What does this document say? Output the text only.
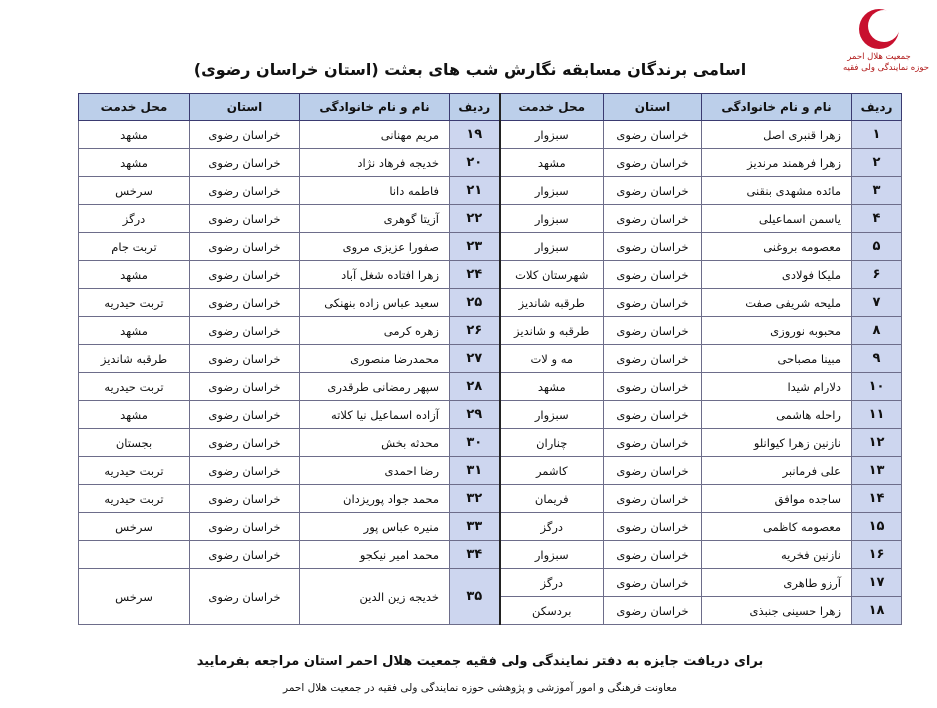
جمعیت هلال احمر
حوزه نمایندگی ولی فقیه
اسامی برندگان مسابقه نگارش شب های بعثت (استان خراسان رضوی)
ردیف	نام و نام خانوادگی	استان	محل خدمت	ردیف	نام و نام خانوادگی	استان	محل خدمت
۱	زهرا قنبری اصل	خراسان رضوی	سبزوار	۱۹	مریم مهنانی	خراسان رضوی	مشهد
۲	زهرا فرهمند مرندیز	خراسان رضوی	مشهد	۲۰	خدیجه فرهاد نژاد	خراسان رضوی	مشهد
۳	مائده مشهدی بنقنی	خراسان رضوی	سبزوار	۲۱	فاطمه دانا	خراسان رضوی	سرخس
۴	یاسمن اسماعیلی	خراسان رضوی	سبزوار	۲۲	آزیتا گوهری	خراسان رضوی	درگز
۵	معصومه بروغنی	خراسان رضوی	سبزوار	۲۳	صفورا عزیزی مروی	خراسان رضوی	تربت جام
۶	ملیکا فولادی	خراسان رضوی	شهرستان کلات	۲۴	زهرا افتاده شغل آباد	خراسان رضوی	مشهد
۷	ملیحه شریفی صفت	خراسان رضوی	طرقبه شاندیز	۲۵	سعید عباس زاده بنهنکی	خراسان رضوی	تربت حیدریه
۸	محبوبه نوروزی	خراسان رضوی	طرقبه و شاندیز	۲۶	زهره کرمی	خراسان رضوی	مشهد
۹	مبینا مصباحی	خراسان رضوی	مه و لات	۲۷	محمدرضا منصوری	خراسان رضوی	طرقبه شاندیز
۱۰	دلارام شیدا	خراسان رضوی	مشهد	۲۸	سپهر رمضانی طرقدری	خراسان رضوی	تربت حیدریه
۱۱	راحله هاشمی	خراسان رضوی	سبزوار	۲۹	آزاده اسماعیل نیا کلاته	خراسان رضوی	مشهد
۱۲	نازنین زهرا کیوانلو	خراسان رضوی	چناران	۳۰	محدثه بخش	خراسان رضوی	بجستان
۱۳	علی فرمانبر	خراسان رضوی	کاشمر	۳۱	رضا احمدی	خراسان رضوی	تربت حیدریه
۱۴	ساجده موافق	خراسان رضوی	فریمان	۳۲	محمد جواد پوریزدان	خراسان رضوی	تربت حیدریه
۱۵	معصومه کاظمی	خراسان رضوی	درگز	۳۳	منیره عباس پور	خراسان رضوی	سرخس
۱۶	نازنین فخریه	خراسان رضوی	سبزوار	۳۴	محمد امیر نیکجو	خراسان رضوی	
۱۷	آرزو طاهری	خراسان رضوی	درگز	۳۵	خدیجه زین الدین	خراسان رضوی	سرخس
۱۸	زهرا حسینی جنبذی	خراسان رضوی	بردسکن				
برای دریافت جایزه به دفتر نمایندگی ولی فقیه جمعیت هلال احمر استان مراجعه بفرمایید
معاونت فرهنگی و امور آموزشی و پژوهشی حوزه نمایندگی ولی فقیه در جمعیت هلال احمر
